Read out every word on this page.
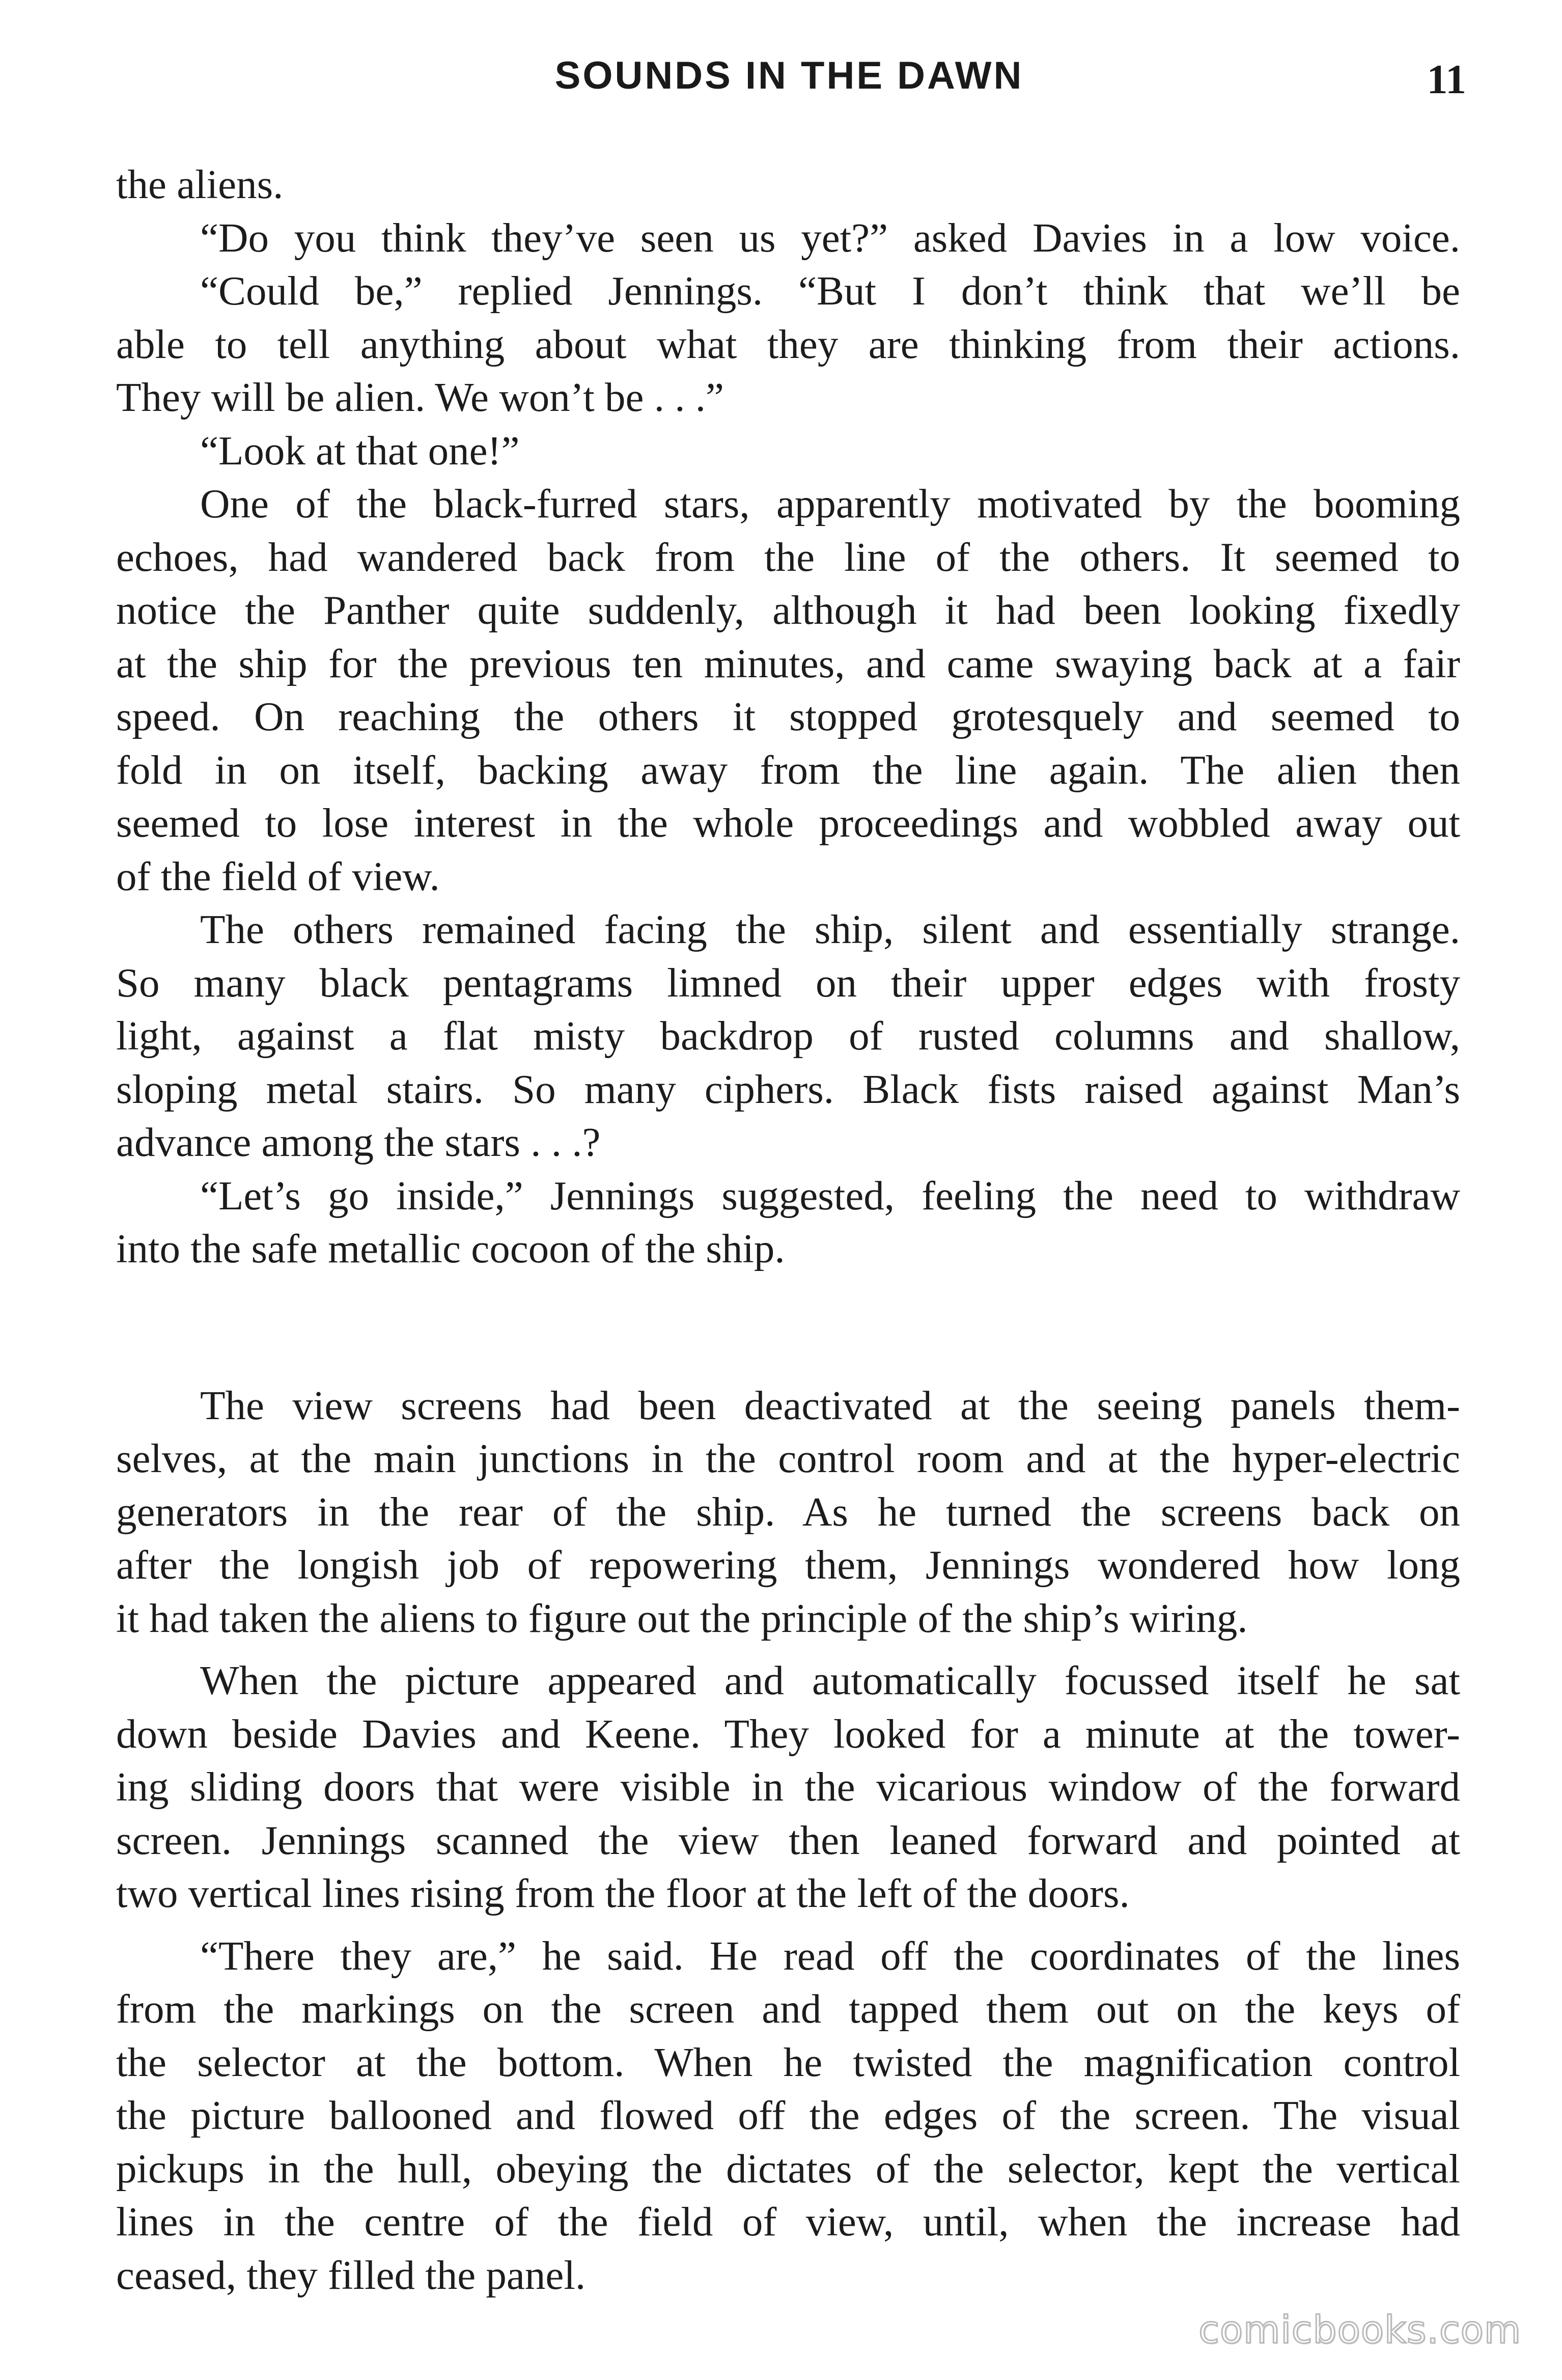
SOUNDS IN THE DAWN	11
the aliens.
“Do you think they’ve seen us yet?” asked Davies in a low voice.
“Could be,” replied Jennings. “But I don’t think that we’ll be
able to tell anything about what they are thinking from their actions.
They will be alien. We won’t be . . .”
“Look at that one!”
One of the black-furred stars, apparently motivated by the booming
echoes, had wandered back from the line of the others. It seemed to
notice the Panther quite suddenly, although it had been looking fixedly
at the ship for the previous ten minutes, and came swaying back at a fair
speed. On reaching the others it stopped grotesquely and seemed to
fold in on itself, backing away from the line again. The alien then
seemed to lose interest in the whole proceedings and wobbled away out
of the field of view.
The others remained facing the ship, silent and essentially strange.
So many black pentagrams limned on their upper edges with frosty
light, against a flat misty backdrop of rusted columns and shallow,
sloping metal stairs. So many ciphers. Black fists raised against Man’s
advance among the stars . . .?
“Let’s go inside,” Jennings suggested, feeling the need to withdraw
into the safe metallic cocoon of the ship.
The view screens had been deactivated at the seeing panels them-
selves, at the main junctions in the control room and at the hyper-electric
generators in the rear of the ship. As he turned the screens back on
after the longish job of repowering them, Jennings wondered how long
it had taken the aliens to figure out the principle of the ship’s wiring.
When the picture appeared and automatically focussed itself he sat
down beside Davies and Keene. They looked for a minute at the tower-
ing sliding doors that were visible in the vicarious window of the forward
screen. Jennings scanned the view then leaned forward and pointed at
two vertical lines rising from the floor at the left of the doors.
“There they are,” he said. He read off the coordinates of the lines
from the markings on the screen and tapped them out on the keys of
the selector at the bottom. When he twisted the magnification control
the picture ballooned and flowed off the edges of the screen. The visual
pickups in the hull, obeying the dictates of the selector, kept the vertical
lines in the centre of the field of view, until, when the increase had
ceased, they filled the panel.
comicbooks.com
